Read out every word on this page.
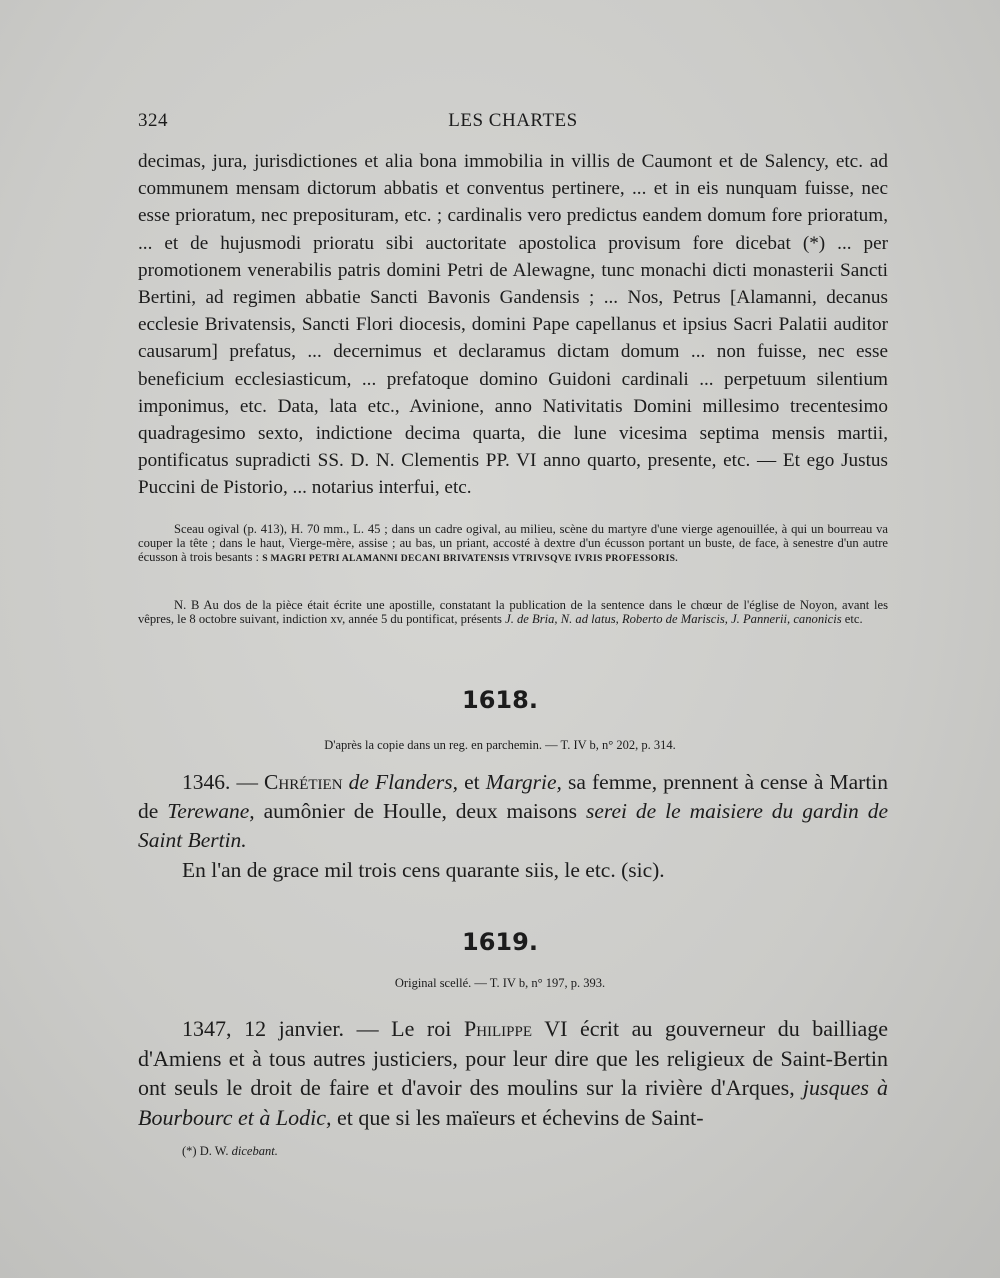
324	LES CHARTES

decimas, jura, jurisdictiones et alia bona immobilia in villis de Caumont et de Salency, etc. ad communem mensam dictorum abbatis et conventus pertinere, ... et in eis nunquam fuisse, nec esse prioratum, nec preposituram, etc. ; cardinalis vero predictus eandem domum fore prioratum, ... et de hujusmodi prioratu sibi auctoritate apostolica provisum fore dicebat (*) ... per promotionem venerabilis patris domini Petri de Alewagne, tunc monachi dicti monasterii Sancti Bertini, ad regimen abbatie Sancti Bavonis Gandensis ; ... Nos, Petrus [Alamanni, decanus ecclesie Brivatensis, Sancti Flori diocesis, domini Pape capellanus et ipsius Sacri Palatii auditor causarum] prefatus, ... decernimus et declaramus dictam domum ... non fuisse, nec esse beneficium ecclesiasticum, ... prefatoque domino Guidoni cardinali ... perpetuum silentium imponimus, etc. Data, lata etc., Avinione, anno Nativitatis Domini millesimo trecentesimo quadragesimo sexto, indictione decima quarta, die lune vicesima septima mensis martii, pontificatus supradicti SS. D. N. Clementis PP. VI anno quarto, presente, etc. — Et ego Justus Puccini de Pistorio, ... notarius interfui, etc.

Sceau ogival (p. 413), H. 70 mm., L. 45 ; dans un cadre ogival, au milieu, scène du martyre d'une vierge agenouillée, à qui un bourreau va couper la tête ; dans le haut, Vierge-mère, assise ; au bas, un priant, accosté à dextre d'un écusson portant un buste, de face, à senestre d'un autre écusson à trois besants : S MAGRI PETRI ALAMANNI DECANI BRIVATENSIS VTRIVSQVE IVRIS PROFESSORIS.

N. B Au dos de la pièce était écrite une apostille, constatant la publication de la sentence dans le chœur de l'église de Noyon, avant les vêpres, le 8 octobre suivant, indiction xv, année 5 du pontificat, présents J. de Bria, N. ad latus, Roberto de Mariscis, J. Pannerii, canonicis etc.

1618.
D'après la copie dans un reg. en parchemin. — T. IV b, n° 202, p. 314.

1346. — Chrétien de Flanders, et Margrie, sa femme, prennent à cense à Martin de Terewane, aumônier de Houlle, deux maisons serei de le maisiere du gardin de Saint Bertin.

En l'an de grace mil trois cens quarante siis, le etc. (sic).

1619.
Original scellé. — T. IV b, n° 197, p. 393.

1347, 12 janvier. — Le roi Philippe VI écrit au gouverneur du bailliage d'Amiens et à tous autres justiciers, pour leur dire que les religieux de Saint-Bertin ont seuls le droit de faire et d'avoir des moulins sur la rivière d'Arques, jusques à Bourbourc et à Lodic, et que si les maïeurs et échevins de Saint-

(*) D. W. dicebant.
